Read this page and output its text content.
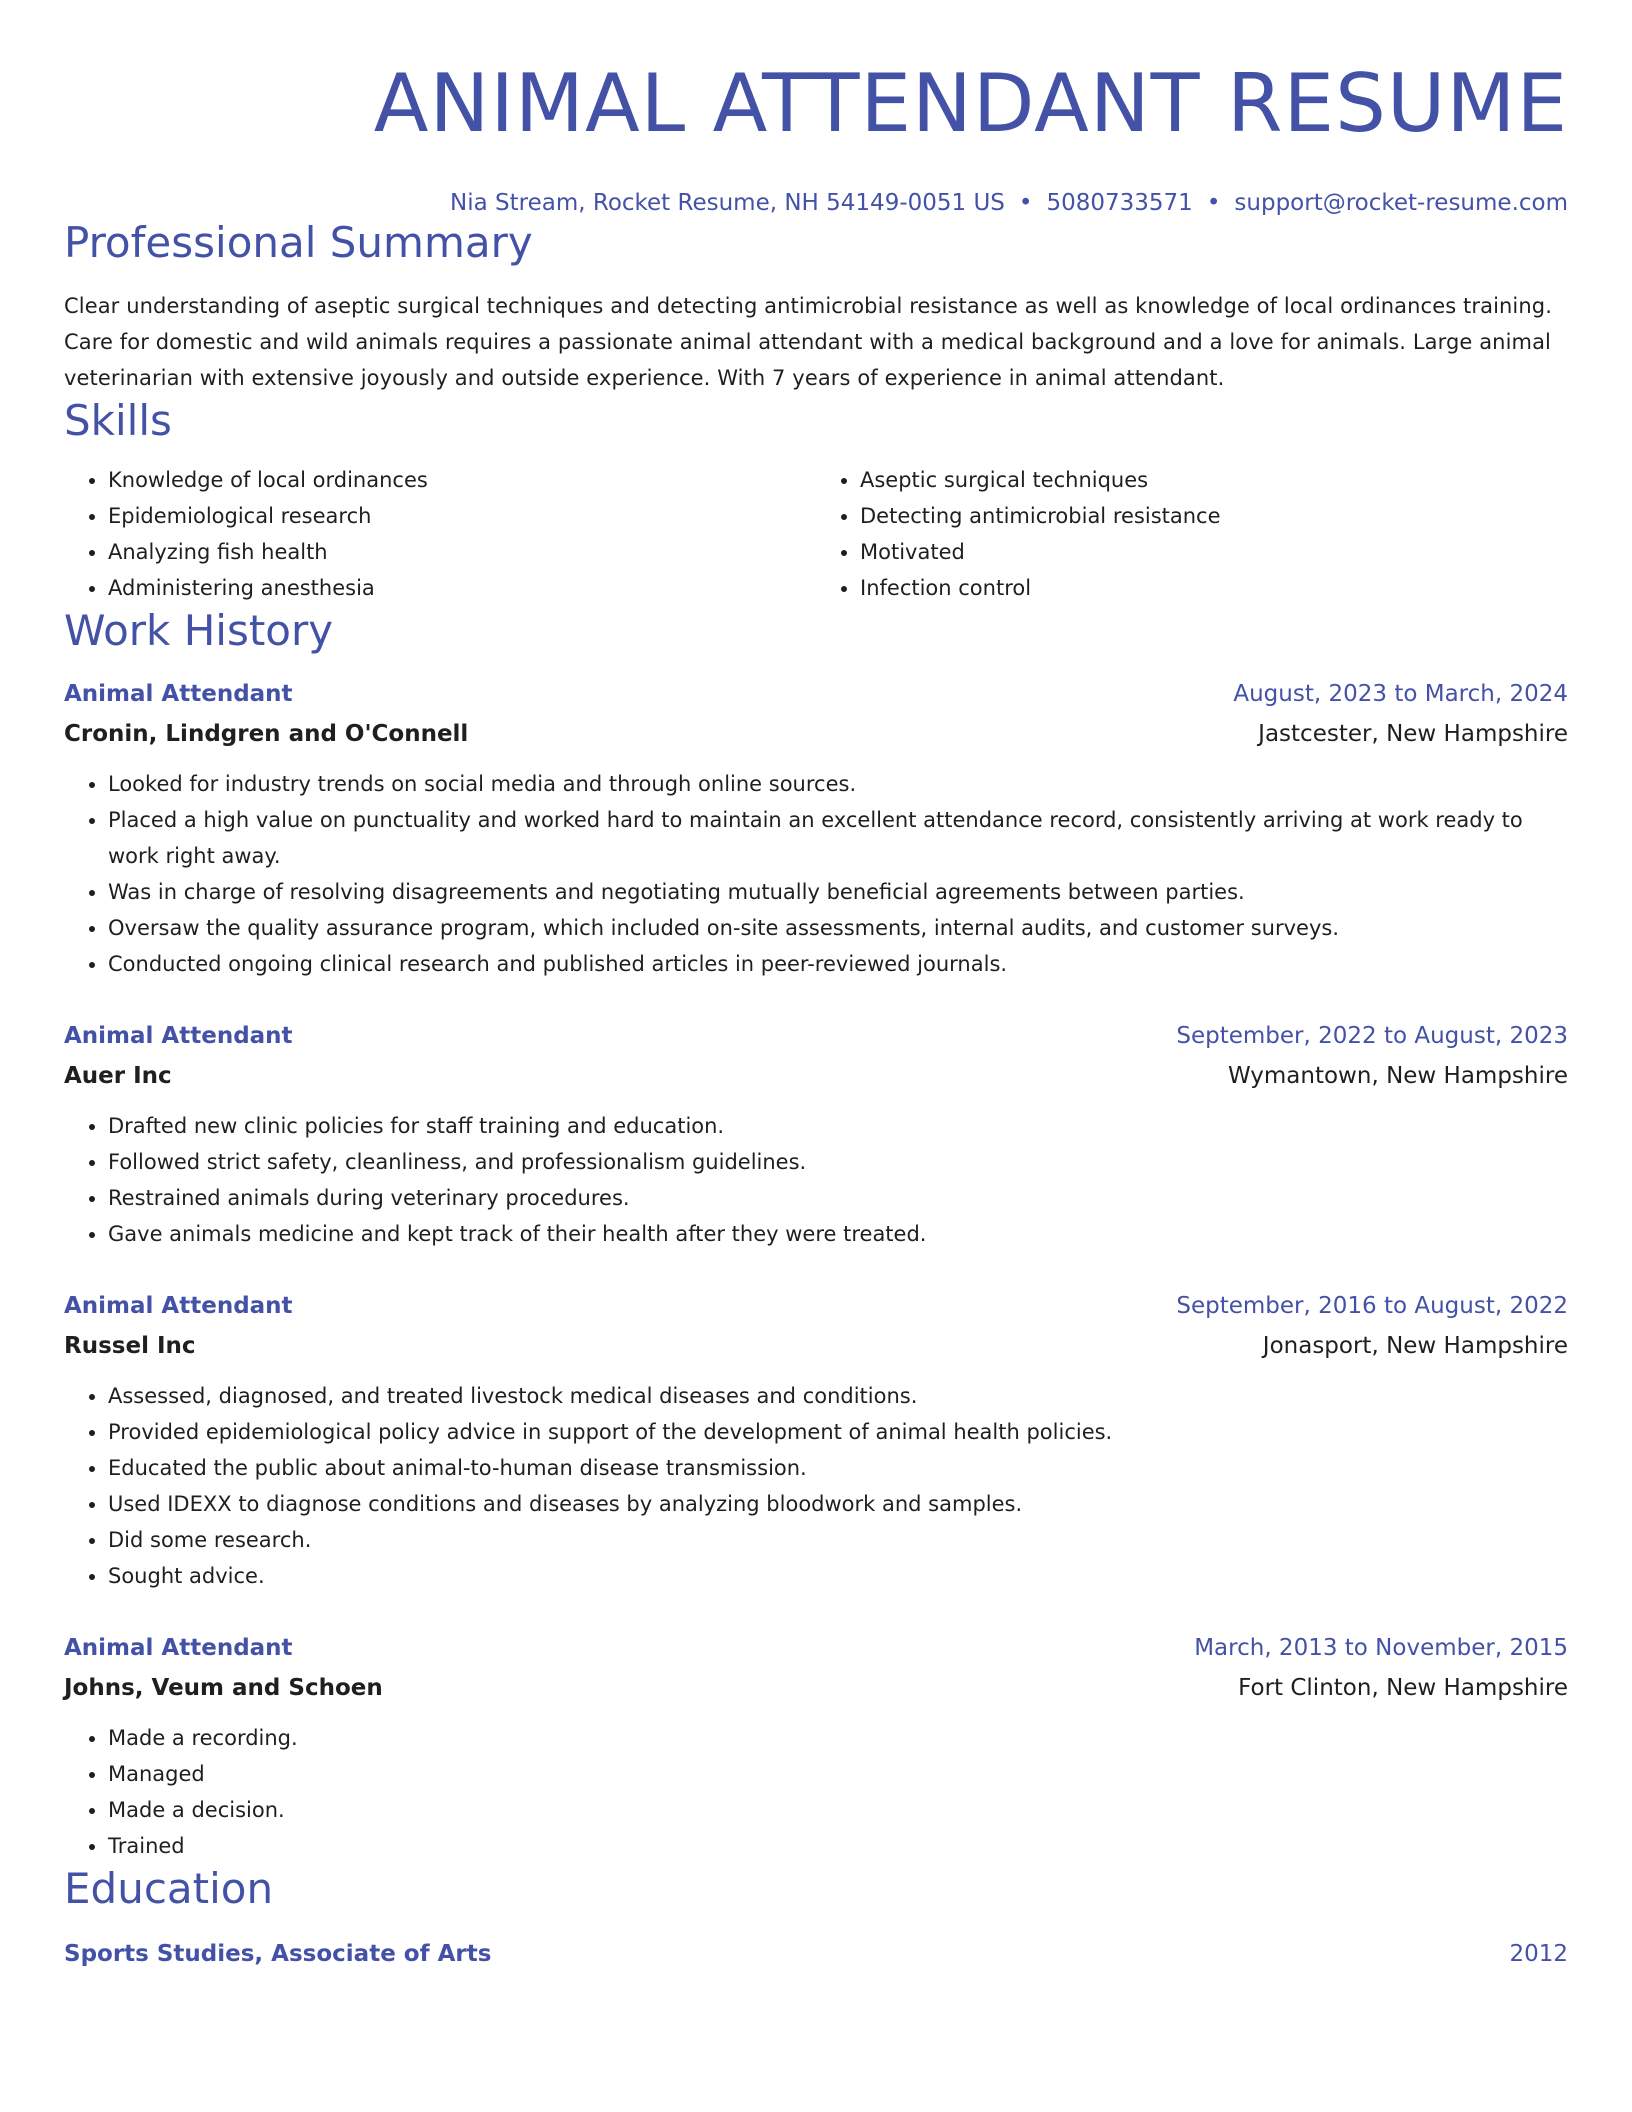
ANIMAL ATTENDANT RESUME
Nia Stream, Rocket Resume, NH 54149-0051 US • 5080733571 • support@rocket-resume.com
Professional Summary

Clear understanding of aseptic surgical techniques and detecting antimicrobial resistance as well as knowledge of local ordinances training. Care for domestic and wild animals requires a passionate animal attendant with a medical background and a love for animals. Large animal veterinarian with extensive joyously and outside experience. With 7 years of experience in animal attendant.

Skills
• Knowledge of local ordinances
• Epidemiological research
• Analyzing fish health
• Administering anesthesia
• Aseptic surgical techniques
• Detecting antimicrobial resistance
• Motivated
• Infection control
Work History
Animal Attendant	August, 2023 to March, 2024
Cronin, Lindgren and O'Connell	Jastcester, New Hampshire
• Looked for industry trends on social media and through online sources.
• Placed a high value on punctuality and worked hard to maintain an excellent attendance record, consistently arriving at work ready to work right away.
• Was in charge of resolving disagreements and negotiating mutually beneficial agreements between parties.
• Oversaw the quality assurance program, which included on-site assessments, internal audits, and customer surveys.
• Conducted ongoing clinical research and published articles in peer-reviewed journals.
Animal Attendant	September, 2022 to August, 2023
Auer Inc	Wymantown, New Hampshire
• Drafted new clinic policies for staff training and education.
• Followed strict safety, cleanliness, and professionalism guidelines.
• Restrained animals during veterinary procedures.
• Gave animals medicine and kept track of their health after they were treated.
Animal Attendant	September, 2016 to August, 2022
Russel Inc	Jonasport, New Hampshire
• Assessed, diagnosed, and treated livestock medical diseases and conditions.
• Provided epidemiological policy advice in support of the development of animal health policies.
• Educated the public about animal-to-human disease transmission.
• Used IDEXX to diagnose conditions and diseases by analyzing bloodwork and samples.
• Did some research.
• Sought advice.
Animal Attendant	March, 2013 to November, 2015
Johns, Veum and Schoen	Fort Clinton, New Hampshire
• Made a recording.
• Managed
• Made a decision.
• Trained
Education
Sports Studies, Associate of Arts	2012
